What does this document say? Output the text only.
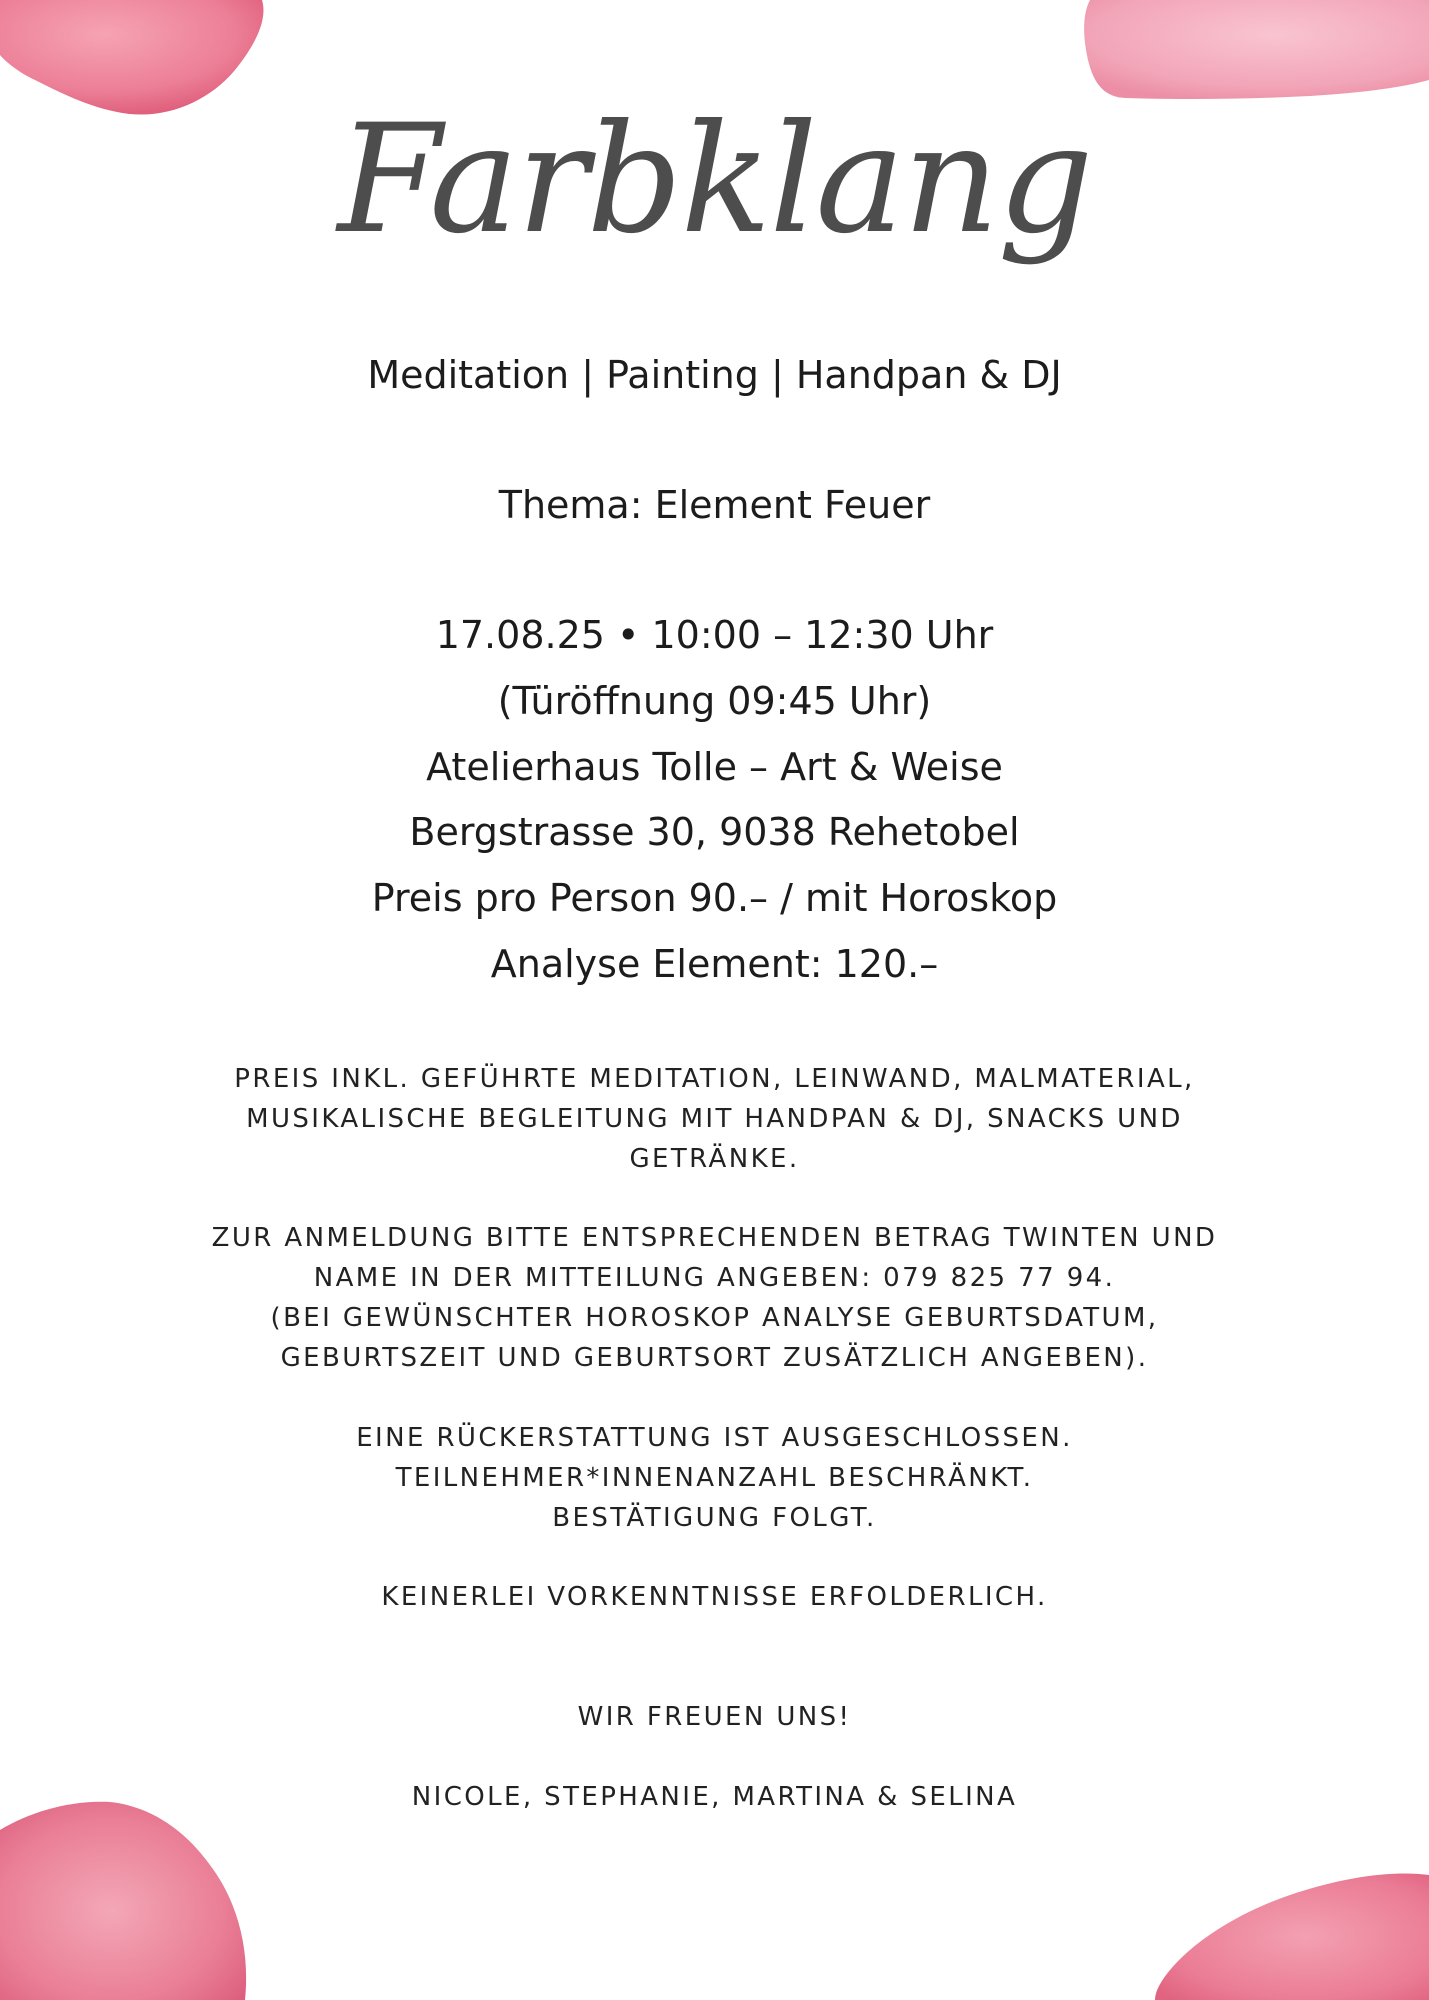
Farbklang
Meditation | Painting | Handpan & DJ
Thema: Element Feuer
17.08.25 • 10:00 – 12:30 Uhr
(Türöffnung 09:45 Uhr)
Atelierhaus Tolle – Art & Weise
Bergstrasse 30, 9038 Rehetobel
Preis pro Person 90.– / mit Horoskop
Analyse Element: 120.–
PREIS INKL. GEFÜHRTE MEDITATION, LEINWAND, MALMATERIAL,
MUSIKALISCHE BEGLEITUNG MIT HANDPAN & DJ, SNACKS UND
GETRÄNKE.
ZUR ANMELDUNG BITTE ENTSPRECHENDEN BETRAG TWINTEN UND
NAME IN DER MITTEILUNG ANGEBEN: 079 825 77 94.
(BEI GEWÜNSCHTER HOROSKOP ANALYSE GEBURTSDATUM,
GEBURTSZEIT UND GEBURTSORT ZUSÄTZLICH ANGEBEN).
EINE RÜCKERSTATTUNG IST AUSGESCHLOSSEN.
TEILNEHMER*INNENANZAHL BESCHRÄNKT.
BESTÄTIGUNG FOLGT.
KEINERLEI VORKENNTNISSE ERFOLDERLICH.
WIR FREUEN UNS!
NICOLE, STEPHANIE, MARTINA & SELINA
